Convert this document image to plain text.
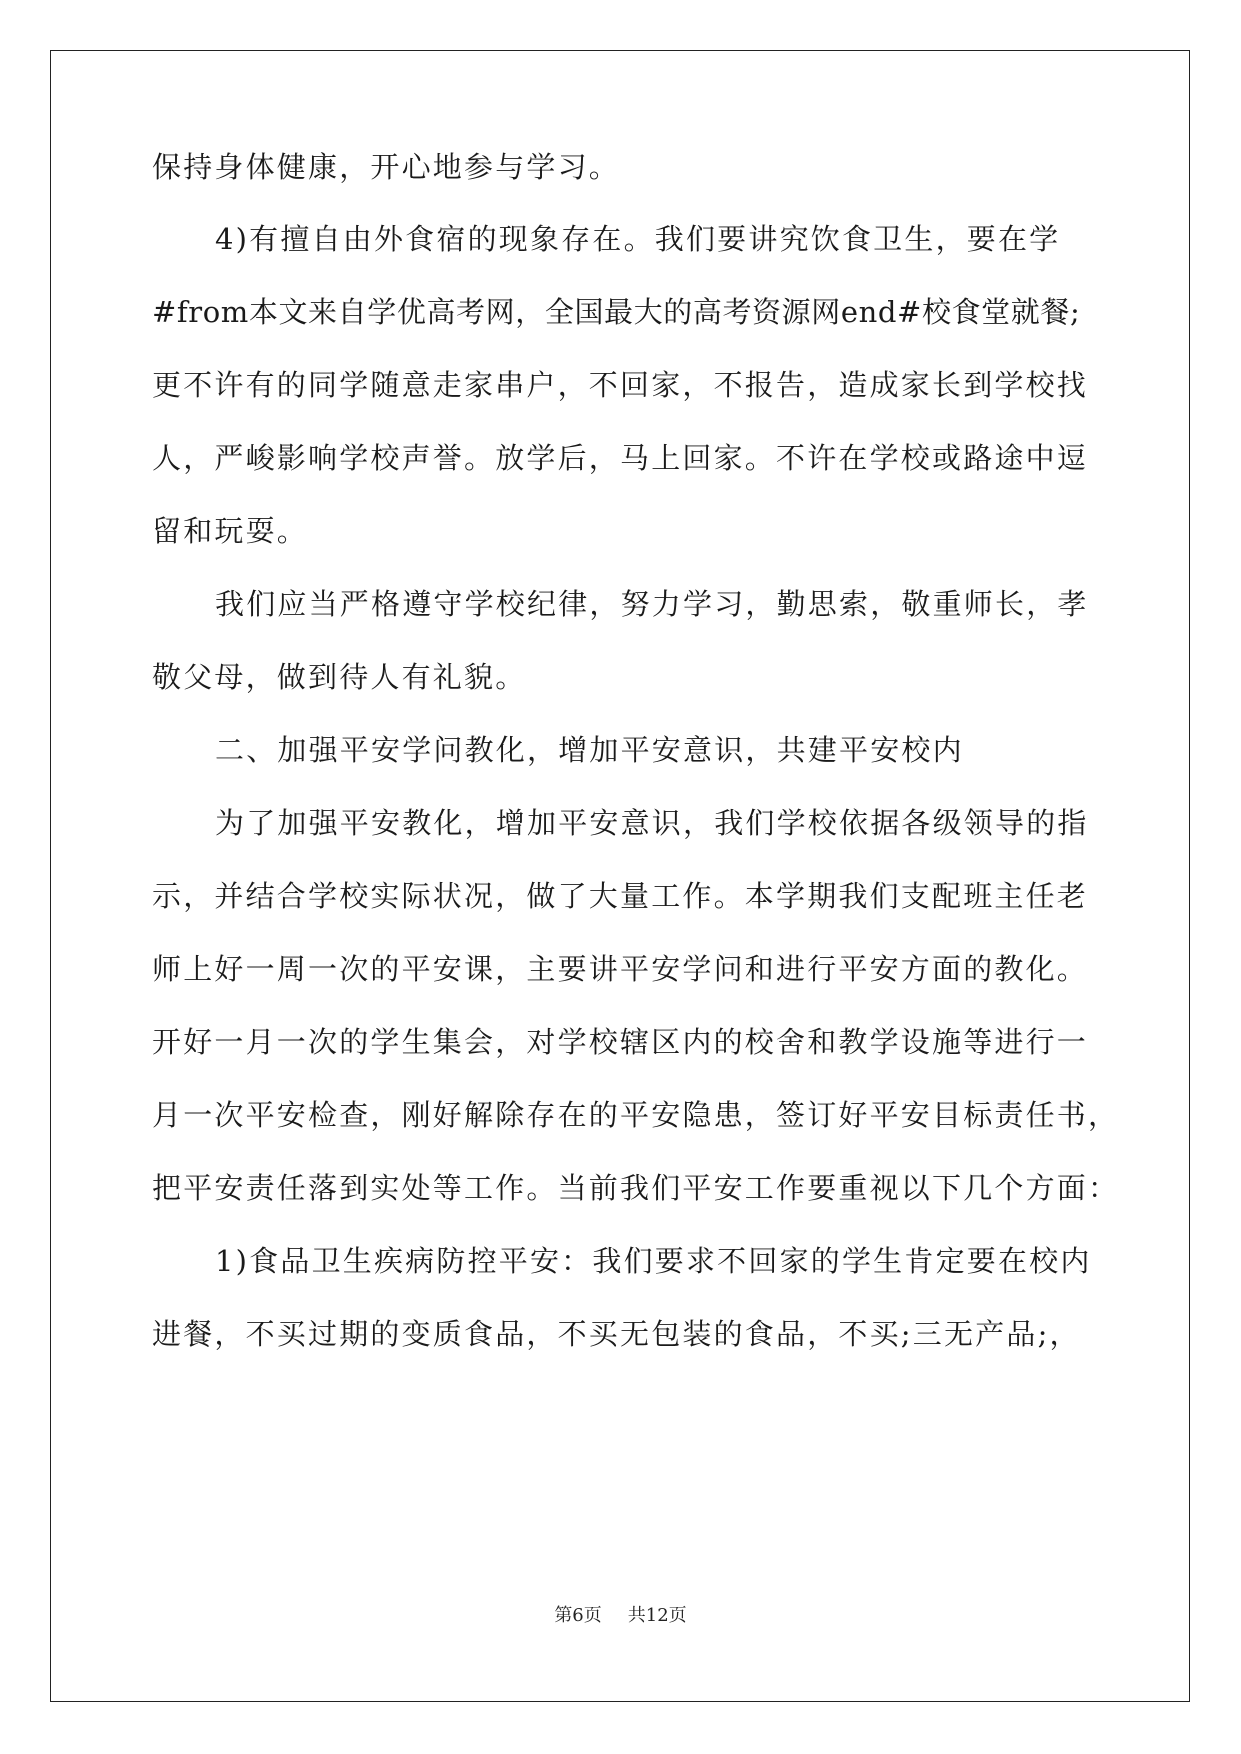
保持身体健康，开心地参与学习。
4)有擅自由外食宿的现象存在。我们要讲究饮食卫生，要在学
#from本文来自学优高考网，全国最大的高考资源网end#校食堂就餐;
更不许有的同学随意走家串户，不回家，不报告，造成家长到学校找
人，严峻影响学校声誉。放学后，马上回家。不许在学校或路途中逗
留和玩耍。
我们应当严格遵守学校纪律，努力学习，勤思索，敬重师长，孝
敬父母，做到待人有礼貌。
二、加强平安学问教化，增加平安意识，共建平安校内
为了加强平安教化，增加平安意识，我们学校依据各级领导的指
示，并结合学校实际状况，做了大量工作。本学期我们支配班主任老
师上好一周一次的平安课，主要讲平安学问和进行平安方面的教化。
开好一月一次的学生集会，对学校辖区内的校舍和教学设施等进行一
月一次平安检查，刚好解除存在的平安隐患，签订好平安目标责任书，
把平安责任落到实处等工作。当前我们平安工作要重视以下几个方面：
1)食品卫生疾病防控平安：我们要求不回家的学生肯定要在校内
进餐，不买过期的变质食品，不买无包装的食品，不买;三无产品;，
第6页 共12页
